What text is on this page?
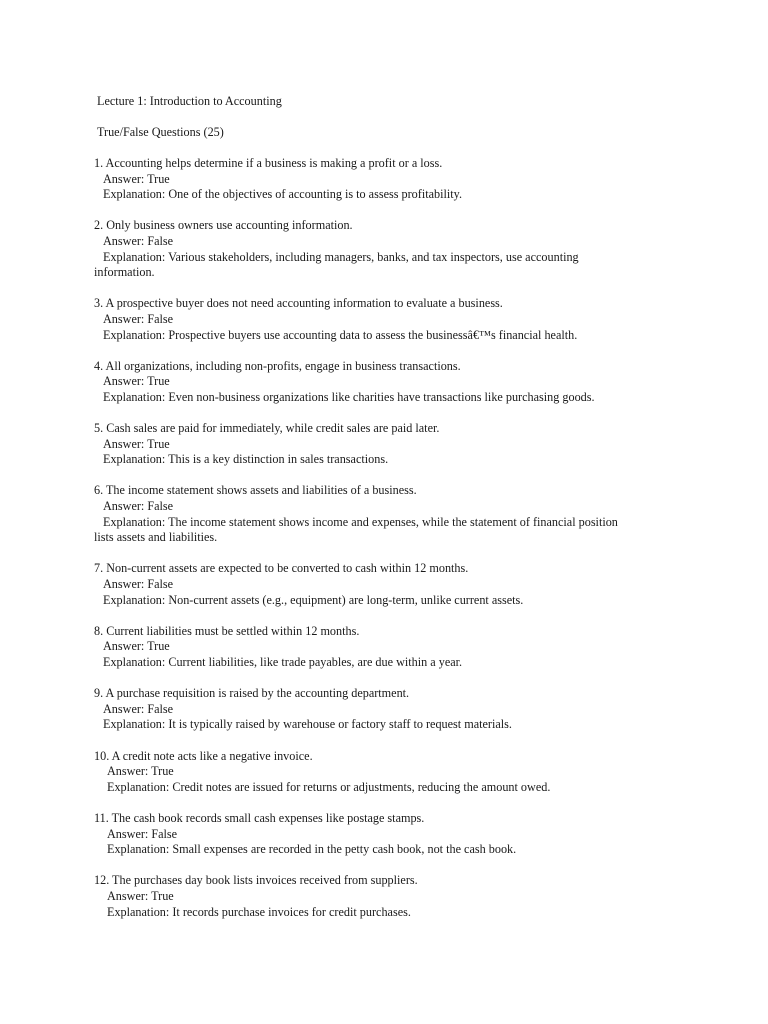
Lecture 1: Introduction to Accounting
True/False Questions (25)
1. Accounting helps determine if a business is making a profit or a loss.
Answer: True
Explanation: One of the objectives of accounting is to assess profitability.
2. Only business owners use accounting information.
Answer: False
Explanation: Various stakeholders, including managers, banks, and tax inspectors, use accounting
information.
3. A prospective buyer does not need accounting information to evaluate a business.
Answer: False
Explanation: Prospective buyers use accounting data to assess the businessâ€™s financial health.
4. All organizations, including non-profits, engage in business transactions.
Answer: True
Explanation: Even non-business organizations like charities have transactions like purchasing goods.
5. Cash sales are paid for immediately, while credit sales are paid later.
Answer: True
Explanation: This is a key distinction in sales transactions.
6. The income statement shows assets and liabilities of a business.
Answer: False
Explanation: The income statement shows income and expenses, while the statement of financial position
lists assets and liabilities.
7. Non-current assets are expected to be converted to cash within 12 months.
Answer: False
Explanation: Non-current assets (e.g., equipment) are long-term, unlike current assets.
8. Current liabilities must be settled within 12 months.
Answer: True
Explanation: Current liabilities, like trade payables, are due within a year.
9. A purchase requisition is raised by the accounting department.
Answer: False
Explanation: It is typically raised by warehouse or factory staff to request materials.
10. A credit note acts like a negative invoice.
Answer: True
Explanation: Credit notes are issued for returns or adjustments, reducing the amount owed.
11. The cash book records small cash expenses like postage stamps.
Answer: False
Explanation: Small expenses are recorded in the petty cash book, not the cash book.
12. The purchases day book lists invoices received from suppliers.
Answer: True
Explanation: It records purchase invoices for credit purchases.
